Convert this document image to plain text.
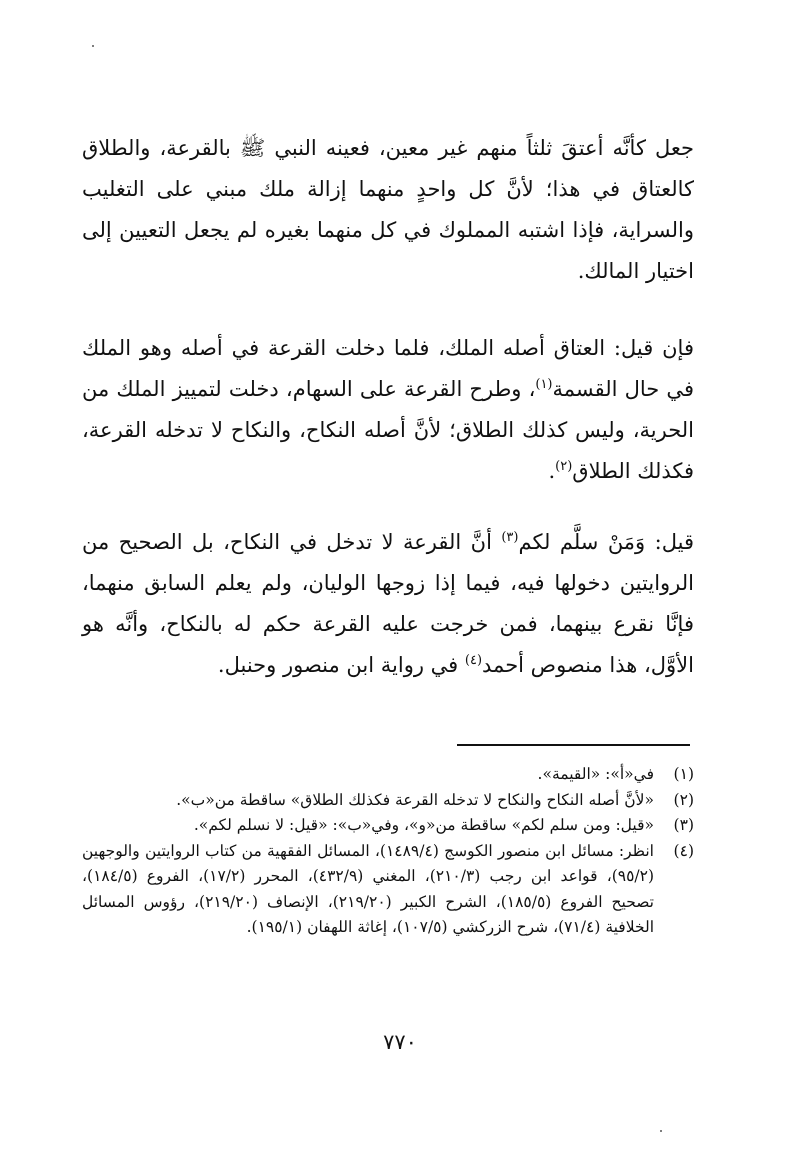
جعل كأنَّه أعتقَ ثلثاً منهم غير معين، فعينه النبي ﷺ بالقرعة، والطلاق كالعتاق في هذا؛ لأنَّ كل واحدٍ منهما إزالة ملك مبني على التغليب والسراية، فإذا اشتبه المملوك في كل منهما بغيره لم يجعل التعيين إلى اختيار المالك.

فإن قيل: العتاق أصله الملك، فلما دخلت القرعة في أصله وهو الملك في حال القسمة$^{(١)}$، وطرح القرعة على السهام، دخلت لتمييز الملك من الحرية، وليس كذلك الطلاق؛ لأنَّ أصله النكاح، والنكاح لا تدخله القرعة، فكذلك الطلاق$^{(٢)}$.

قيل: وَمَنْ سلَّم لكم$^{(٣)}$ أنَّ القرعة لا تدخل في النكاح، بل الصحيح من الروايتين دخولها فيه، فيما إذا زوجها الوليان، ولم يعلم السابق منهما، فإنَّا نقرع بينهما، فمن خرجت عليه القرعة حكم له بالنكاح، وأنَّه هو الأوَّل، هذا منصوص أحمد$^{(٤)}$ في رواية ابن منصور وحنبل.

(١)
في«أ»: «القيمة».
(٢)
«لأنَّ أصله النكاح والنكاح لا تدخله القرعة فكذلك الطلاق» ساقطة من«ب».
(٣)
«قيل: ومن سلم لكم» ساقطة من«و»، وفي«ب»: «قيل: لا نسلم لكم».
(٤)
انظر: مسائل ابن منصور الكوسج (١٤٨٩/٤)، المسائل الفقهية من كتاب الروايتين والوجهين (٩٥/٢)، قواعد ابن رجب (٢١٠/٣)، المغني (٤٣٢/٩)، المحرر (١٧/٢)، الفروع (١٨٤/٥)، تصحيح الفروع (١٨٥/٥)، الشرح الكبير (٢١٩/٢٠)، الإنصاف (٢١٩/٢٠)، رؤوس المسائل الخلافية (٧١/٤)، شرح الزركشي (١٠٧/٥)، إغاثة اللهفان (١٩٥/١).
٧٧٠
